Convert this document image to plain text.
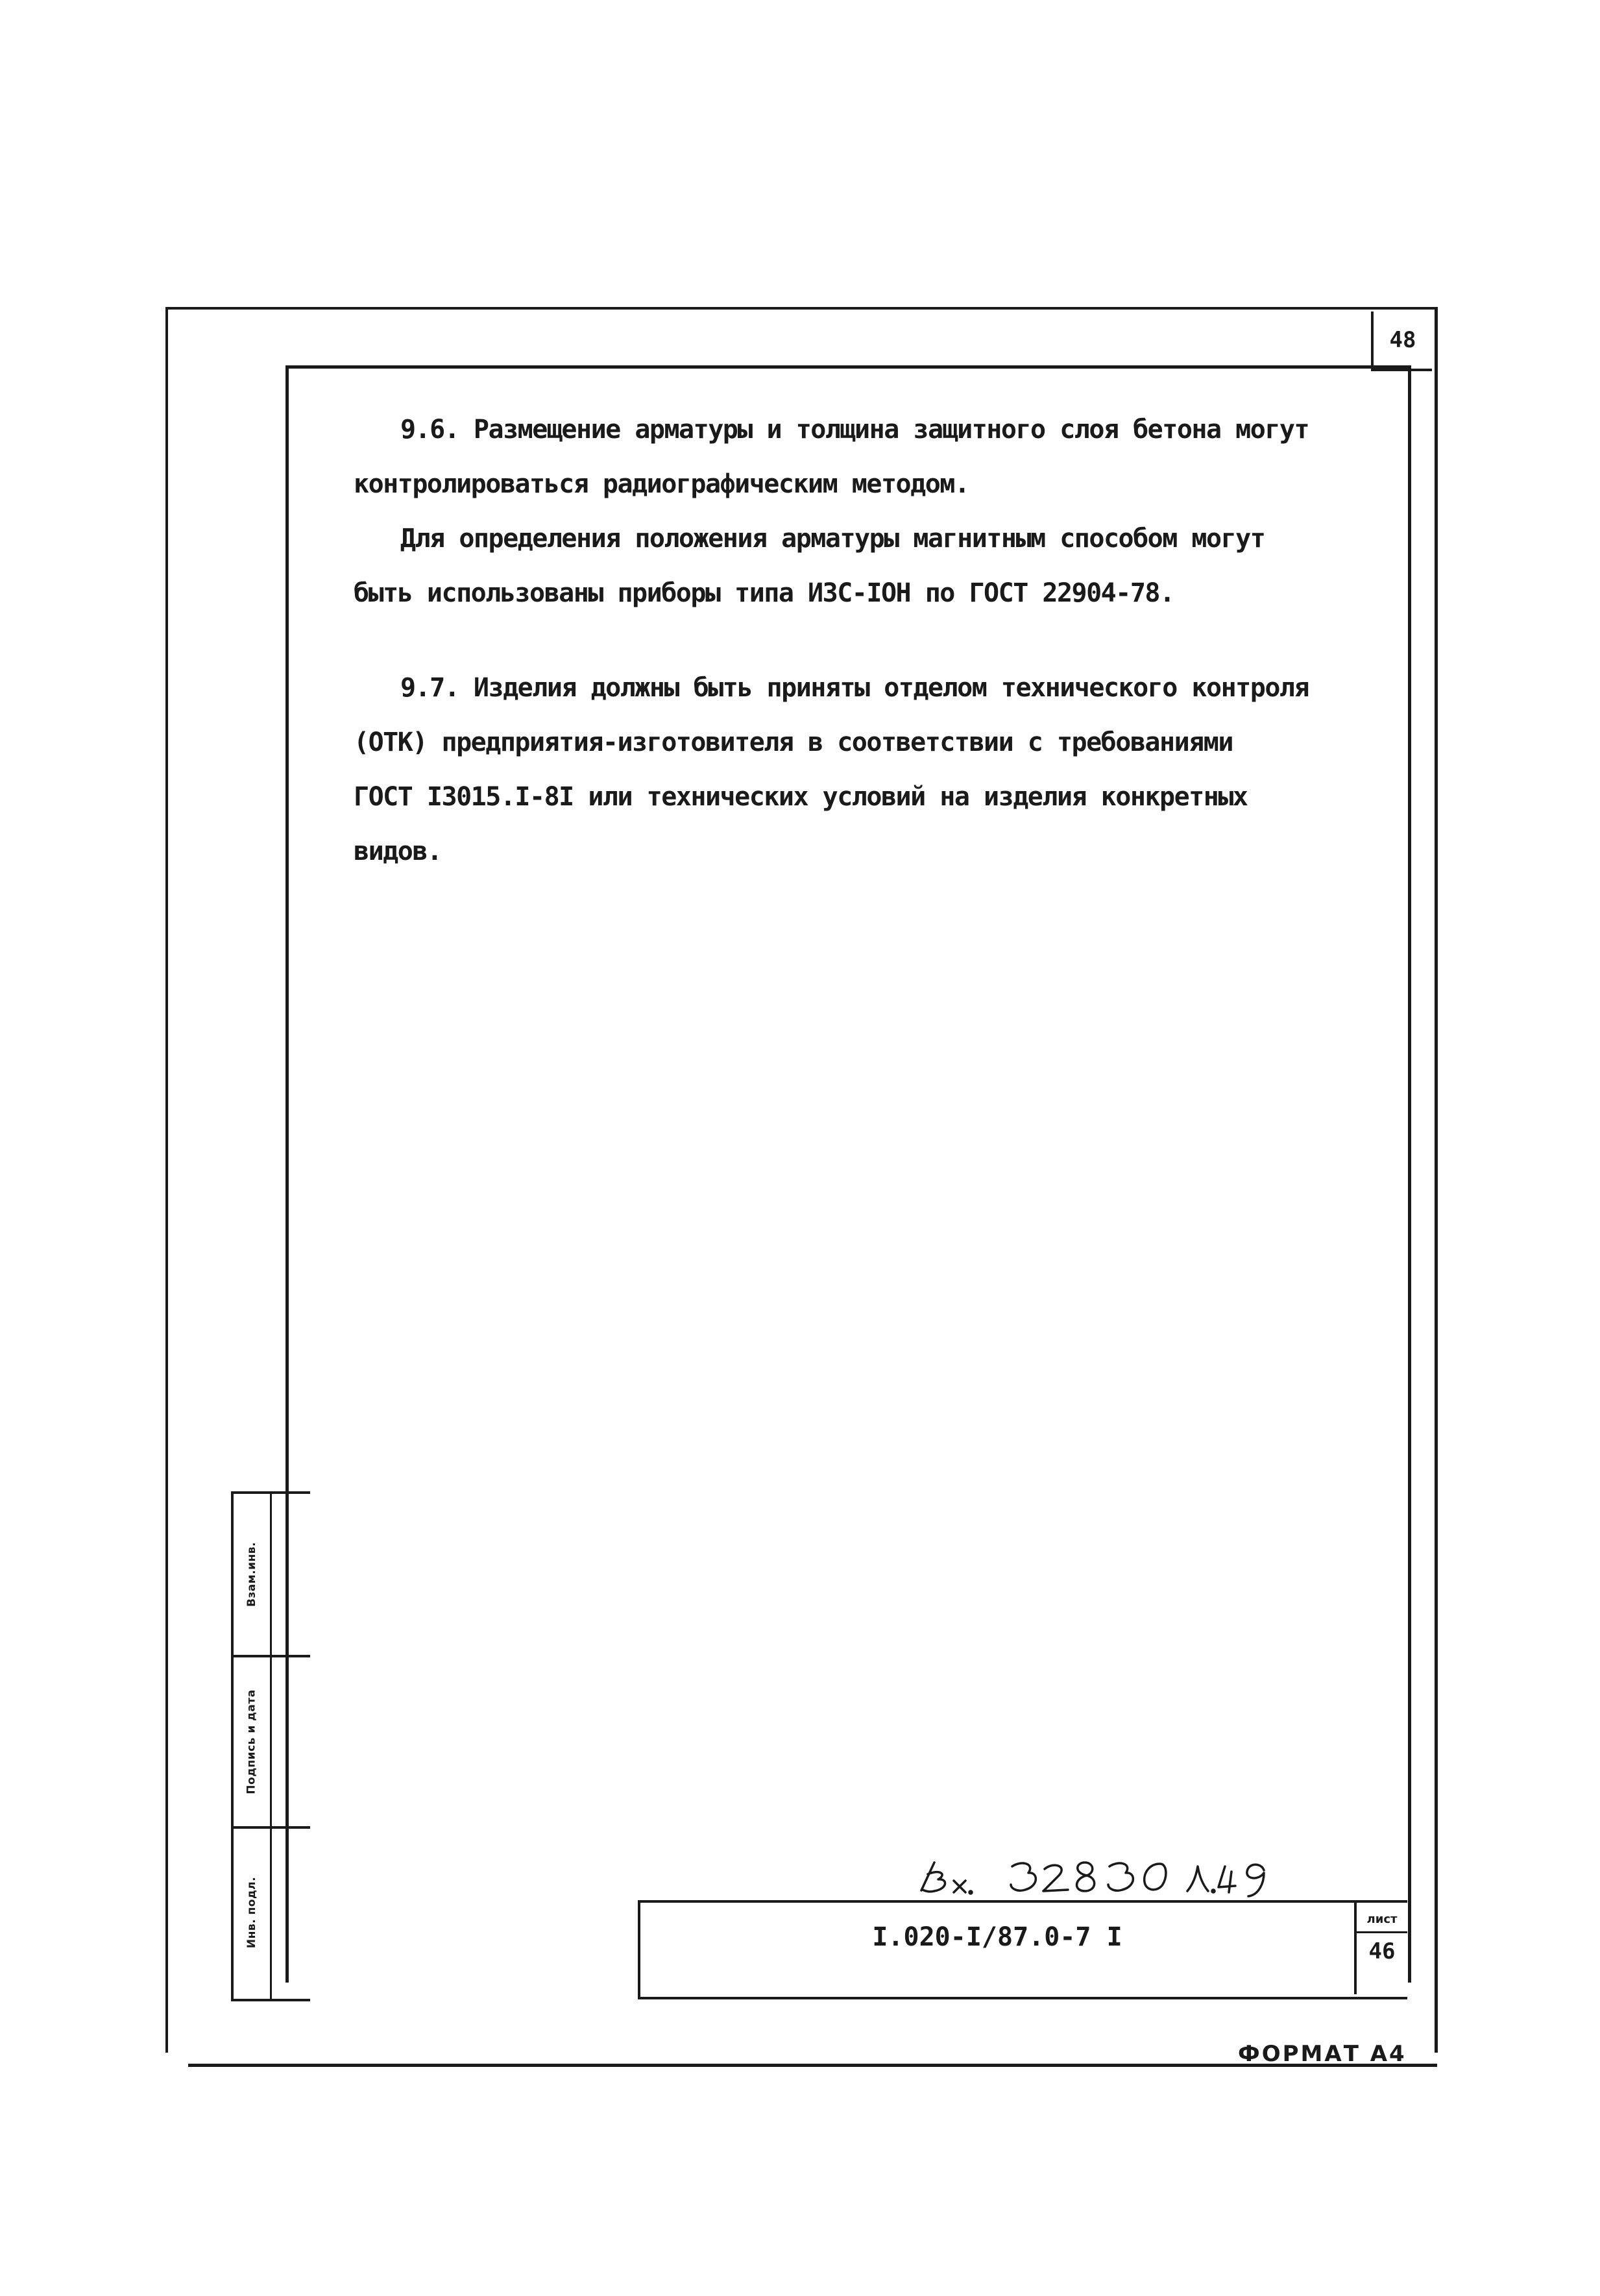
48

9.6. Размещение арматуры и толщина защитного слоя бетона могут

контролироваться радиографическим методом.

Для определения положения арматуры магнитным способом могут

быть использованы приборы типа ИЗС-IOН по ГОСТ 22904-78.

9.7. Изделия должны быть приняты отделом технического контроля

(ОТК) предприятия-изготовителя в соответствии с требованиями

ГОСТ I3015.I-8I или технических условий на изделия конкретных

видов.

I.020-I/87.0-7 I
лист
46
Взам.инв.
Подпись и дата
Инв. подл.
ФОРМАТ А4
